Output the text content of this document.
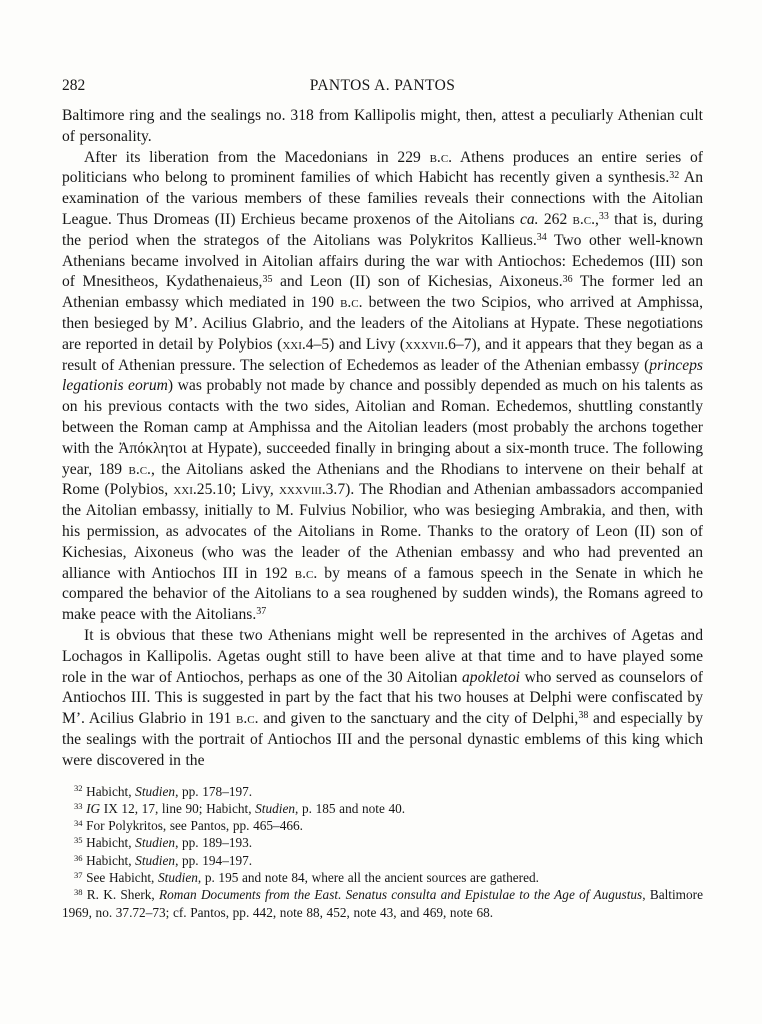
282	PANTOS A. PANTOS

Baltimore ring and the sealings no. 318 from Kallipolis might, then, attest a peculiarly Athenian cult of personality.

After its liberation from the Macedonians in 229 b.c. Athens produces an entire series of politicians who belong to prominent families of which Habicht has recently given a synthesis.$^{32}$ An examination of the various members of these families reveals their connections with the Aitolian League. Thus Dromeas (II) Erchieus became proxenos of the Aitolians ca. 262 b.c.,$^{33}$ that is, during the period when the strategos of the Aitolians was Polykritos Kallieus.$^{34}$ Two other well-known Athenians became involved in Aitolian affairs during the war with Antiochos: Echedemos (III) son of Mnesitheos, Kydathenaieus,$^{35}$ and Leon (II) son of Kichesias, Aixoneus.$^{36}$ The former led an Athenian embassy which mediated in 190 b.c. between the two Scipios, who arrived at Amphissa, then besieged by M’. Acilius Glabrio, and the leaders of the Aitolians at Hypate. These negotiations are reported in detail by Polybios (xxi.4–5) and Livy (xxxvii.6–7), and it appears that they began as a result of Athenian pressure. The selection of Echedemos as leader of the Athenian embassy (princeps legationis eorum) was probably not made by chance and possibly depended as much on his talents as on his previous contacts with the two sides, Aitolian and Roman. Echedemos, shuttling constantly between the Roman camp at Amphissa and the Aitolian leaders (most probably the archons together with the Ἀπόκλητοι at Hypate), succeeded finally in bringing about a six-month truce. The following year, 189 b.c., the Aitolians asked the Athenians and the Rhodians to intervene on their behalf at Rome (Polybios, xxi.25.10; Livy, xxxviii.3.7). The Rhodian and Athenian ambassadors accompanied the Aitolian embassy, initially to M. Fulvius Nobilior, who was besieging Ambrakia, and then, with his permission, as advocates of the Aitolians in Rome. Thanks to the oratory of Leon (II) son of Kichesias, Aixoneus (who was the leader of the Athenian embassy and who had prevented an alliance with Antiochos III in 192 b.c. by means of a famous speech in the Senate in which he compared the behavior of the Aitolians to a sea roughened by sudden winds), the Romans agreed to make peace with the Aitolians.$^{37}$

It is obvious that these two Athenians might well be represented in the archives of Agetas and Lochagos in Kallipolis. Agetas ought still to have been alive at that time and to have played some role in the war of Antiochos, perhaps as one of the 30 Aitolian apokletoi who served as counselors of Antiochos III. This is suggested in part by the fact that his two houses at Delphi were confiscated by M’. Acilius Glabrio in 191 b.c. and given to the sanctuary and the city of Delphi,$^{38}$ and especially by the sealings with the portrait of Antiochos III and the personal dynastic emblems of this king which were discovered in the

$^{32}$ Habicht, Studien, pp. 178–197.

$^{33}$ IG IX 12, 17, line 90; Habicht, Studien, p. 185 and note 40.

$^{34}$ For Polykritos, see Pantos, pp. 465–466.

$^{35}$ Habicht, Studien, pp. 189–193.

$^{36}$ Habicht, Studien, pp. 194–197.

$^{37}$ See Habicht, Studien, p. 195 and note 84, where all the ancient sources are gathered.

$^{38}$ R. K. Sherk, Roman Documents from the East. Senatus consulta and Epistulae to the Age of Augustus, Baltimore 1969, no. 37.72–73; cf. Pantos, pp. 442, note 88, 452, note 43, and 469, note 68.
